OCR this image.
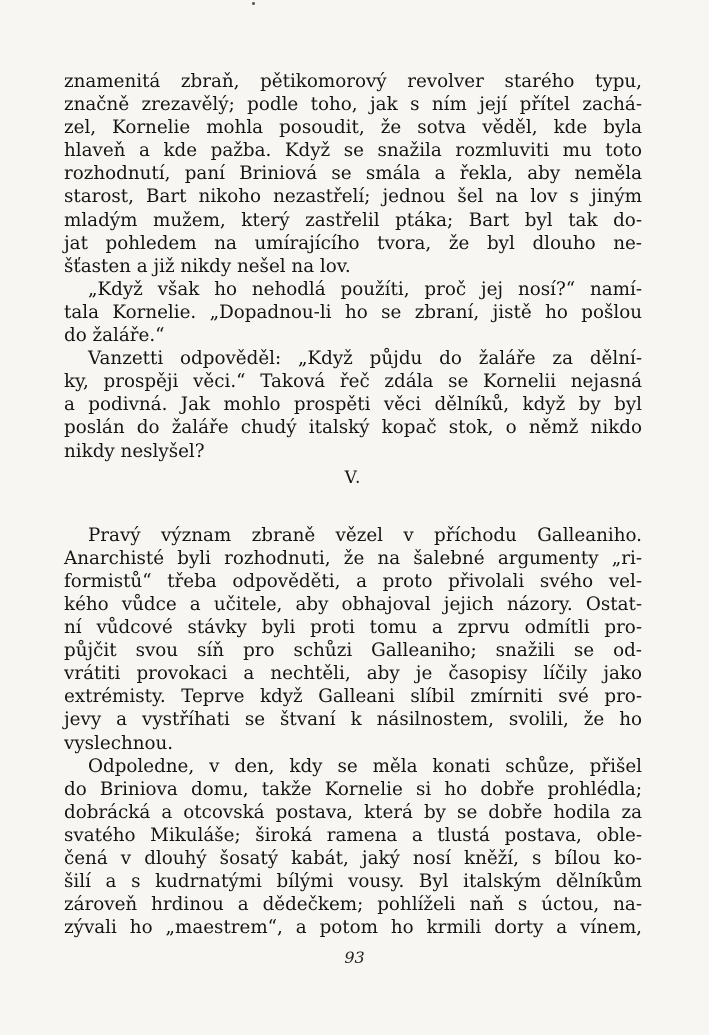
znamenitá zbraň, pětikomorový revolver starého typu,
značně zrezavělý; podle toho, jak s ním její přítel zachá-
zel, Kornelie mohla posoudit, že sotva věděl, kde byla
hlaveň a kde pažba. Když se snažila rozmluviti mu toto
rozhodnutí, paní Briniová se smála a řekla, aby neměla
starost, Bart nikoho nezastřelí; jednou šel na lov s jiným
mladým mužem, který zastřelil ptáka; Bart byl tak do-
jat pohledem na umírajícího tvora, že byl dlouho ne-
šťasten a již nikdy nešel na lov.
„Když však ho nehodlá použíti, proč jej nosí?“ namí-
tala Kornelie. „Dopadnou-li ho se zbraní, jistě ho pošlou
do žaláře.“
Vanzetti odpověděl: „Když půjdu do žaláře za dělní-
ky, prospěji věci.“ Taková řeč zdála se Kornelii nejasná
a podivná. Jak mohlo prospěti věci dělníků, když by byl
poslán do žaláře chudý italský kopač stok, o němž nikdo
nikdy neslyšel?
V.
Pravý význam zbraně vězel v příchodu Galleaniho.
Anarchisté byli rozhodnuti, že na šalebné argumenty „ri-
formistů“ třeba odpověděti, a proto přivolali svého vel-
kého vůdce a učitele, aby obhajoval jejich názory. Ostat-
ní vůdcové stávky byli proti tomu a zprvu odmítli pro-
půjčit svou síň pro schůzi Galleaniho; snažili se od-
vrátiti provokaci a nechtěli, aby je časopisy líčily jako
extrémisty. Teprve když Galleani slíbil zmírniti své pro-
jevy a vystříhati se štvaní k násilnostem, svolili, že ho
vyslechnou.
Odpoledne, v den, kdy se měla konati schůze, přišel
do Briniova domu, takže Kornelie si ho dobře prohlédla;
dobrácká a otcovská postava, která by se dobře hodila za
svatého Mikuláše; široká ramena a tlustá postava, oble-
čená v dlouhý šosatý kabát, jaký nosí kněží, s bílou ko-
šilí a s kudrnatými bílými vousy. Byl italským dělníkům
zároveň hrdinou a dědečkem; pohlíželi naň s úctou, na-
zývali ho „maestrem“, a potom ho krmili dorty a vínem,
93
